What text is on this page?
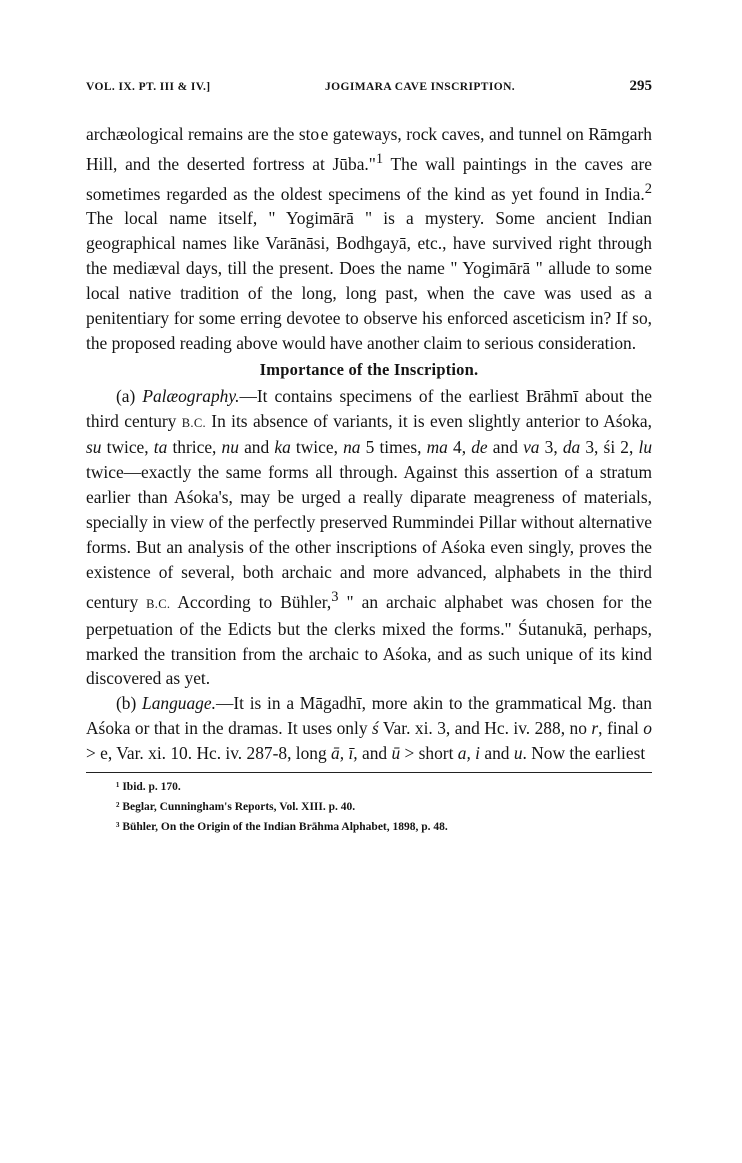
VOL. IX. PT. III & IV.]	JOGIMARA CAVE INSCRIPTION.	295

archæological remains are the sto e gateways, rock caves, and tunnel on Rāmgarh Hill, and the deserted fortress at Jūba."$^1$ The wall paintings in the caves are sometimes regarded as the oldest specimens of the kind as yet found in India.$^2$ The local name itself, " Yogimārā " is a mystery. Some ancient Indian geographical names like Varānāsi, Bodhgayā, etc., have survived right through the mediæval days, till the present. Does the name " Yogimārā " allude to some local native tradition of the long, long past, when the cave was used as a penitentiary for some erring devotee to observe his enforced asceticism in? If so, the proposed reading above would have another claim to serious consideration.

Importance of the Inscription.

(a) Palæography.—It contains specimens of the earliest Brāhmī about the third century B.C. In its absence of variants, it is even slightly anterior to Aśoka, su twice, ta thrice, nu and ka twice, na 5 times, ma 4, de and va 3, da 3, śi 2, lu twice—exactly the same forms all through. Against this assertion of a stratum earlier than Aśoka's, may be urged a really diparate meagreness of materials, specially in view of the perfectly preserved Rummindei Pillar without alternative forms. But an analysis of the other inscriptions of Aśoka even singly, proves the existence of several, both archaic and more advanced, alphabets in the third century B.C. According to Bühler,$^3$ " an archaic alphabet was chosen for the perpetuation of the Edicts but the clerks mixed the forms." Śutanukā, perhaps, marked the transition from the archaic to Aśoka, and as such unique of its kind discovered as yet.

(b) Language.—It is in a Māgadhī, more akin to the grammatical Mg. than Aśoka or that in the dramas. It uses only ś Var. xi. 3, and Hc. iv. 288, no r, final o > e, Var. xi. 10. Hc. iv. 287-8, long ā, ī, and ū > short a, i and u. Now the earliest

¹ Ibid. p. 170.
² Beglar, Cunningham's Reports, Vol. XIII. p. 40.
³ Bühler, On the Origin of the Indian Brāhma Alphabet, 1898, p. 48.
